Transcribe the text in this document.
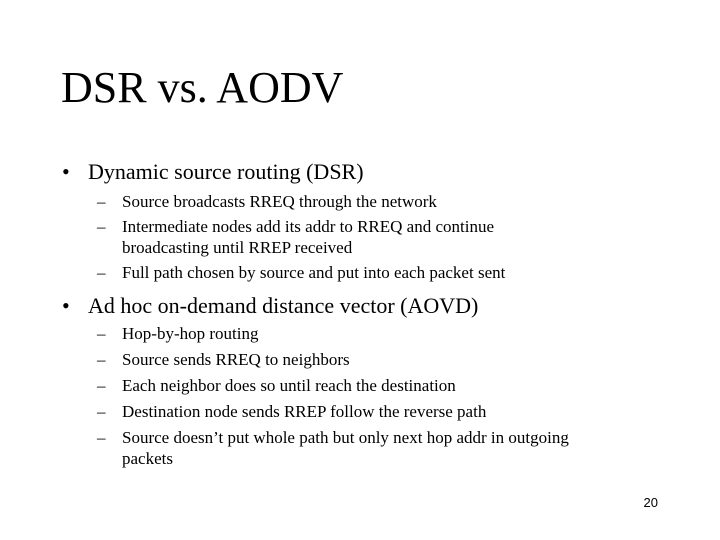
DSR vs. AODV
• Dynamic source routing (DSR)
– Source broadcasts RREQ through the network
– Intermediate nodes add its addr to RREQ and continue
broadcasting until RREP received
– Full path chosen by source and put into each packet sent
• Ad hoc on-demand distance vector (AOVD)
– Hop-by-hop routing
– Source sends RREQ to neighbors
– Each neighbor does so until reach the destination
– Destination node sends RREP follow the reverse path
– Source doesn’t put whole path but only next hop addr in outgoing
packets
20
